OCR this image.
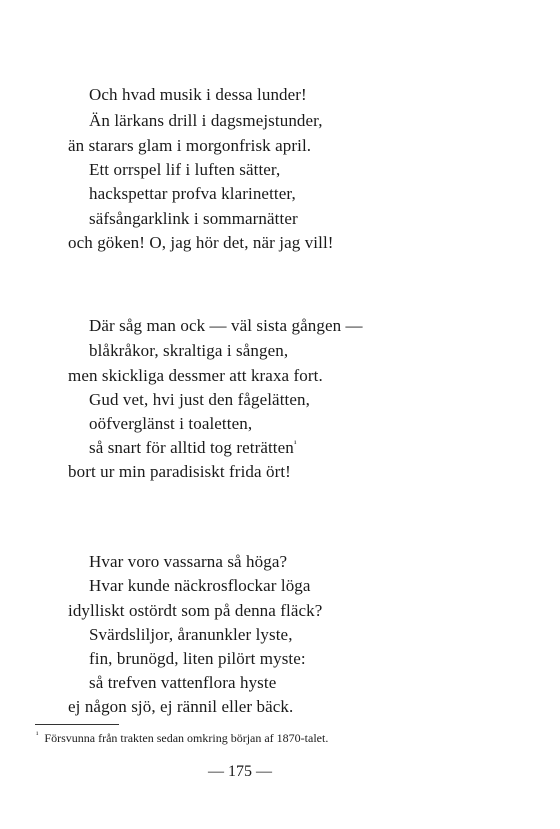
Och hvad musik i dessa lunder!
Än lärkans drill i dagsmejstunder,
än starars glam i morgonfrisk april.
Ett orrspel lif i luften sätter,
hackspettar profva klarinetter,
säfsångarklink i sommarnätter
och göken! O, jag hör det, när jag vill!
Där såg man ock — väl sista gången —
blåkråkor, skraltiga i sången,
men skickliga dessmer att kraxa fort.
Gud vet, hvi just den fågelätten,
oöfverglänst i toaletten,
så snart för alltid tog reträtten$^{^1}$
bort ur min paradisiskt frida ört!
Hvar voro vassarna så höga?
Hvar kunde näckrosflockar löga
idylliskt ostördt som på denna fläck?
Svärdsliljor, åranunkler lyste,
fin, brunögd, liten pilört myste:
så trefven vattenflora hyste
ej någon sjö, ej rännil eller bäck.
$^{^1}$ Försvunna från trakten sedan omkring början af 1870-talet.
— 175 —
